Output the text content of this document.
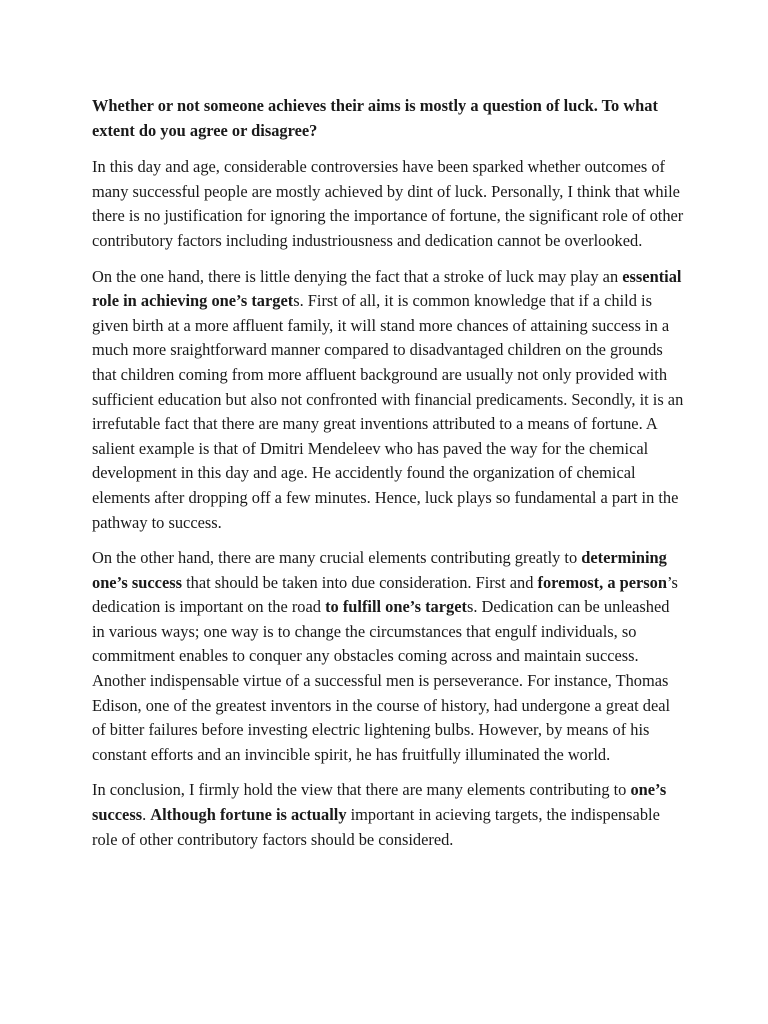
Whether or not someone achieves their aims is mostly a question of luck. To what extent do you agree or disagree?

In this day and age, considerable controversies have been sparked whether outcomes of many successful people are mostly achieved by dint of luck. Personally, I think that while there is no justification for ignoring the importance of fortune, the significant role of other contributory factors including industriousness and dedication cannot be overlooked.

On the one hand, there is little denying the fact that a stroke of luck may play an essential role in achieving one’s targets. First of all, it is common knowledge that if a child is given birth at a more affluent family, it will stand more chances of attaining success in a much more sraightforward manner compared to disadvantaged children on the grounds that children coming from more affluent background are usually not only provided with sufficient education but also not confronted with financial predicaments. Secondly, it is an irrefutable fact that there are many great inventions attributed to a means of fortune. A salient example is that of Dmitri Mendeleev who has paved the way for the chemical development in this day and age. He accidently found the organization of chemical elements after dropping off a few minutes. Hence, luck plays so fundamental a part in the pathway to success.

On the other hand, there are many crucial elements contributing greatly to determining one’s success that should be taken into due consideration. First and foremost, a person’s dedication is important on the road to fulfill one’s targets. Dedication can be unleashed in various ways; one way is to change the circumstances that engulf individuals, so commitment enables to conquer any obstacles coming across and maintain success. Another indispensable virtue of a successful men is perseverance. For instance, Thomas Edison, one of the greatest inventors in the course of history, had undergone a great deal of bitter failures before investing electric lightening bulbs. However, by means of his constant efforts and an invincible spirit, he has fruitfully illuminated the world.

In conclusion, I firmly hold the view that there are many elements contributing to one’s success. Although fortune is actually important in acieving targets, the indispensable role of other contributory factors should be considered.
